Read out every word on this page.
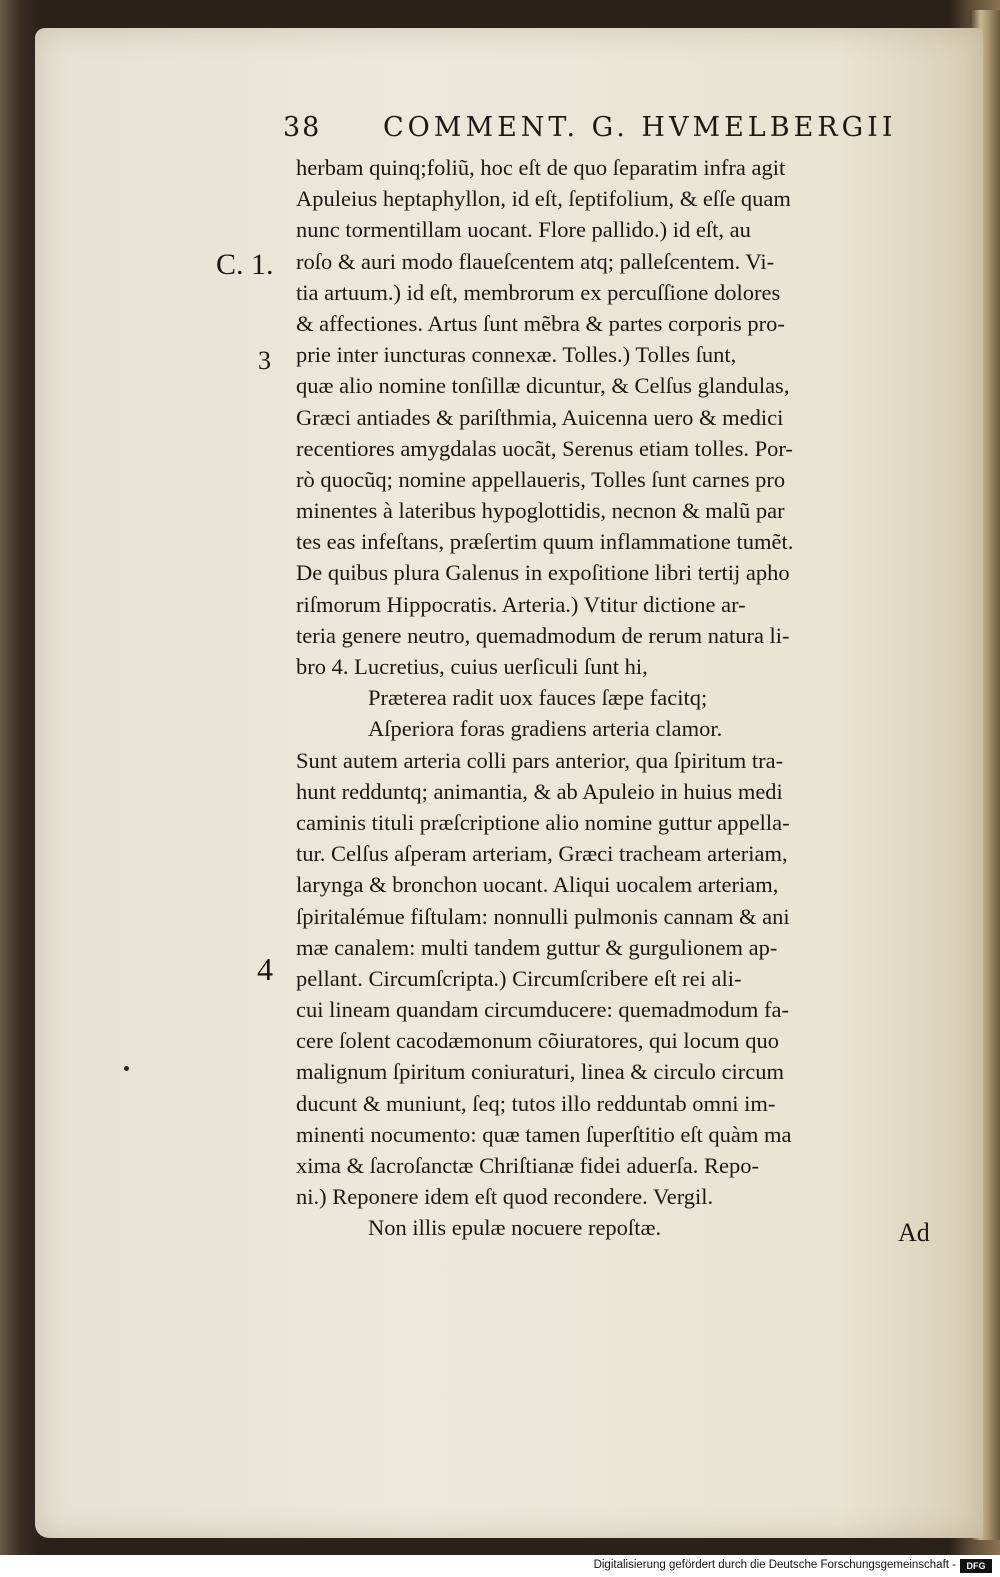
38 COMMENT. G. HVMELBERGII
C. 1.
3
4
herbam quinq;foliũ, hoc eſt de quo ſeparatim infra agit
Apuleius heptaphyllon, id eſt, ſeptifolium, & eſſe quam
nunc tormentillam uocant. Flore pallido.) id eſt, au
roſo & auri modo flaueſcentem atq; palleſcentem. Vi-
tia artuum.) id eſt, membrorum ex percuſſione dolores
& affectiones. Artus ſunt mẽbra & partes corporis pro-
prie inter iuncturas connexæ. Tolles.) Tolles ſunt,
quæ alio nomine tonſillæ dicuntur, & Celſus glandulas,
Græci antiades & pariſthmia, Auicenna uero & medici
recentiores amygdalas uocãt, Serenus etiam tolles. Por-
rò quocũq; nomine appellaueris, Tolles ſunt carnes pro
minentes à lateribus hypoglottidis, necnon & malũ par
tes eas infeſtans, præſertim quum inflammatione tumẽt.
De quibus plura Galenus in expoſitione libri tertij apho
riſmorum Hippocratis. Arteria.) Vtitur dictione ar-
teria genere neutro, quemadmodum de rerum natura li-
bro 4. Lucretius, cuius uerſiculi ſunt hi,
Præterea radit uox fauces ſæpe facitq;
Aſperiora foras gradiens arteria clamor.
Sunt autem arteria colli pars anterior, qua ſpiritum tra-
hunt redduntq; animantia, & ab Apuleio in huius medi
caminis tituli præſcriptione alio nomine guttur appella-
tur. Celſus aſperam arteriam, Græci tracheam arteriam,
larynga & bronchon uocant. Aliqui uocalem arteriam,
ſpiritalémue fiſtulam: nonnulli pulmonis cannam & ani
mæ canalem: multi tandem guttur & gurgulionem ap-
pellant. Circumſcripta.) Circumſcribere eſt rei ali-
cui lineam quandam circumducere: quemadmodum fa-
cere ſolent cacodæmonum cõiuratores, qui locum quo
malignum ſpiritum coniuraturi, linea & circulo circum
ducunt & muniunt, ſeq; tutos illo redduntab omni im-
minenti nocumento: quæ tamen ſuperſtitio eſt quàm ma
xima & ſacroſanctæ Chriſtianæ fidei aduerſa. Repo-
ni.) Reponere idem eſt quod recondere. Vergil.
Non illis epulæ nocuere repoſtæ.	Ad
Digitalisierung gefördert durch die Deutsche Forschungsgemeinschaft -	DFG
